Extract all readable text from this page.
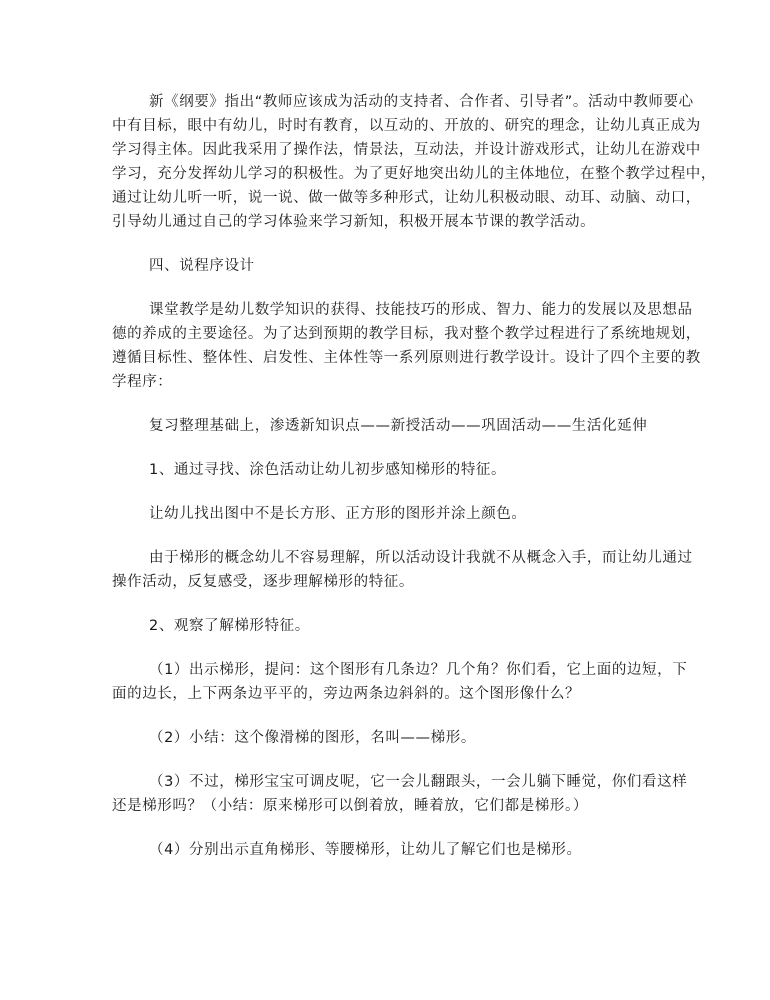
新《纲要》指出“教师应该成为活动的支持者、合作者、引导者”。活动中教师要心
中有目标，眼中有幼儿，时时有教育，以互动的、开放的、研究的理念，让幼儿真正成为
学习得主体。因此我采用了操作法，情景法，互动法，并设计游戏形式，让幼儿在游戏中
学习，充分发挥幼儿学习的积极性。为了更好地突出幼儿的主体地位，在整个教学过程中，
通过让幼儿听一听，说一说、做一做等多种形式，让幼儿积极动眼、动耳、动脑、动口，
引导幼儿通过自己的学习体验来学习新知，积极开展本节课的教学活动。

四、说程序设计

课堂教学是幼儿数学知识的获得、技能技巧的形成、智力、能力的发展以及思想品
德的养成的主要途径。为了达到预期的教学目标，我对整个教学过程进行了系统地规划，
遵循目标性、整体性、启发性、主体性等一系列原则进行教学设计。设计了四个主要的教
学程序：

复习整理基础上，渗透新知识点——新授活动——巩固活动——生活化延伸

1、通过寻找、涂色活动让幼儿初步感知梯形的特征。

让幼儿找出图中不是长方形、正方形的图形并涂上颜色。

由于梯形的概念幼儿不容易理解，所以活动设计我就不从概念入手，而让幼儿通过
操作活动，反复感受，逐步理解梯形的特征。

2、观察了解梯形特征。

（1）出示梯形，提问：这个图形有几条边？几个角？你们看，它上面的边短，下
面的边长，上下两条边平平的，旁边两条边斜斜的。这个图形像什么？

（2）小结：这个像滑梯的图形，名叫——梯形。

（3）不过，梯形宝宝可调皮呢，它一会儿翻跟头，一会儿躺下睡觉，你们看这样
还是梯形吗？（小结：原来梯形可以倒着放，睡着放，它们都是梯形。）

（4）分别出示直角梯形、等腰梯形，让幼儿了解它们也是梯形。
